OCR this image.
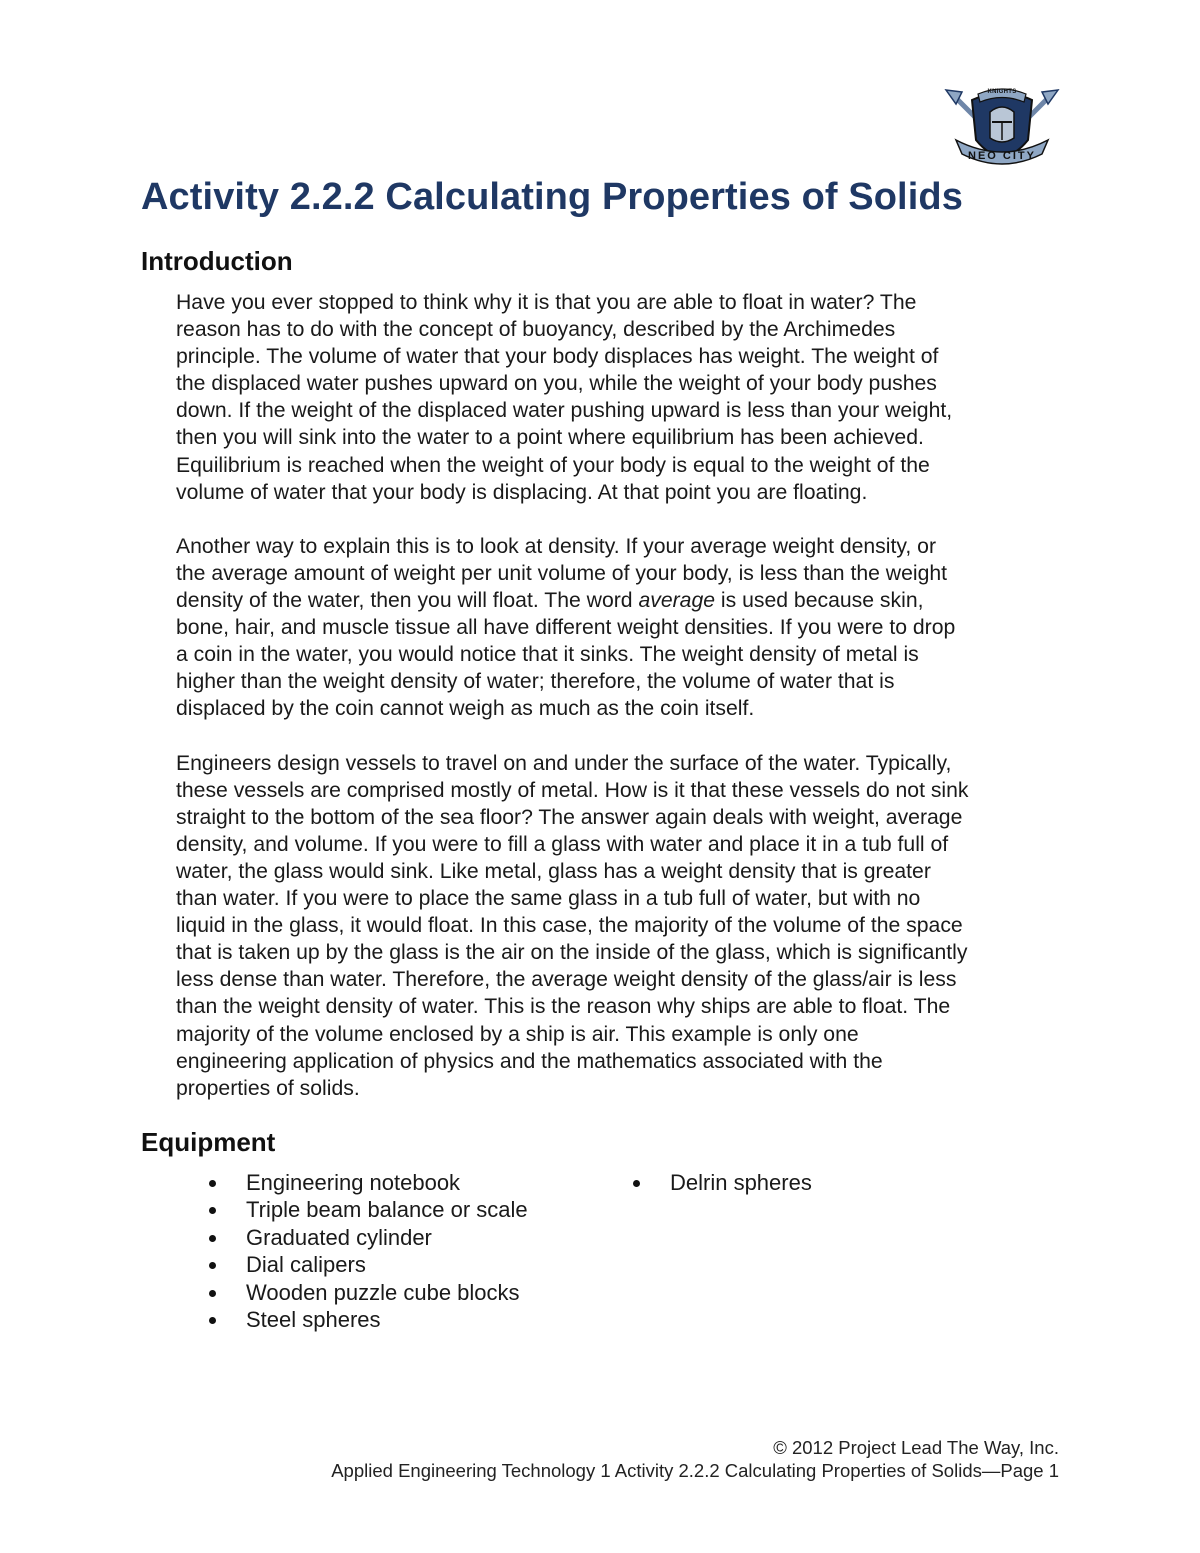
KNIGHTS
NEO CITY
Activity 2.2.2 Calculating Properties of Solids
Introduction

Have you ever stopped to think why it is that you are able to float in water? The
reason has to do with the concept of buoyancy, described by the Archimedes
principle. The volume of water that your body displaces has weight. The weight of
the displaced water pushes upward on you, while the weight of your body pushes
down. If the weight of the displaced water pushing upward is less than your weight,
then you will sink into the water to a point where equilibrium has been achieved.
Equilibrium is reached when the weight of your body is equal to the weight of the
volume of water that your body is displacing. At that point you are floating.

Another way to explain this is to look at density. If your average weight density, or
the average amount of weight per unit volume of your body, is less than the weight
density of the water, then you will float. The word average is used because skin,
bone, hair, and muscle tissue all have different weight densities. If you were to drop
a coin in the water, you would notice that it sinks. The weight density of metal is
higher than the weight density of water; therefore, the volume of water that is
displaced by the coin cannot weigh as much as the coin itself.

Engineers design vessels to travel on and under the surface of the water. Typically,
these vessels are comprised mostly of metal. How is it that these vessels do not sink
straight to the bottom of the sea floor? The answer again deals with weight, average
density, and volume. If you were to fill a glass with water and place it in a tub full of
water, the glass would sink. Like metal, glass has a weight density that is greater
than water. If you were to place the same glass in a tub full of water, but with no
liquid in the glass, it would float. In this case, the majority of the volume of the space
that is taken up by the glass is the air on the inside of the glass, which is significantly
less dense than water. Therefore, the average weight density of the glass/air is less
than the weight density of water. This is the reason why ships are able to float. The
majority of the volume enclosed by a ship is air. This example is only one
engineering application of physics and the mathematics associated with the
properties of solids.

Equipment
Engineering notebook
Triple beam balance or scale
Graduated cylinder
Dial calipers
Wooden puzzle cube blocks
Steel spheres
Delrin spheres
© 2012 Project Lead The Way, Inc.
Applied Engineering Technology 1 Activity 2.2.2 Calculating Properties of Solids—Page 1
